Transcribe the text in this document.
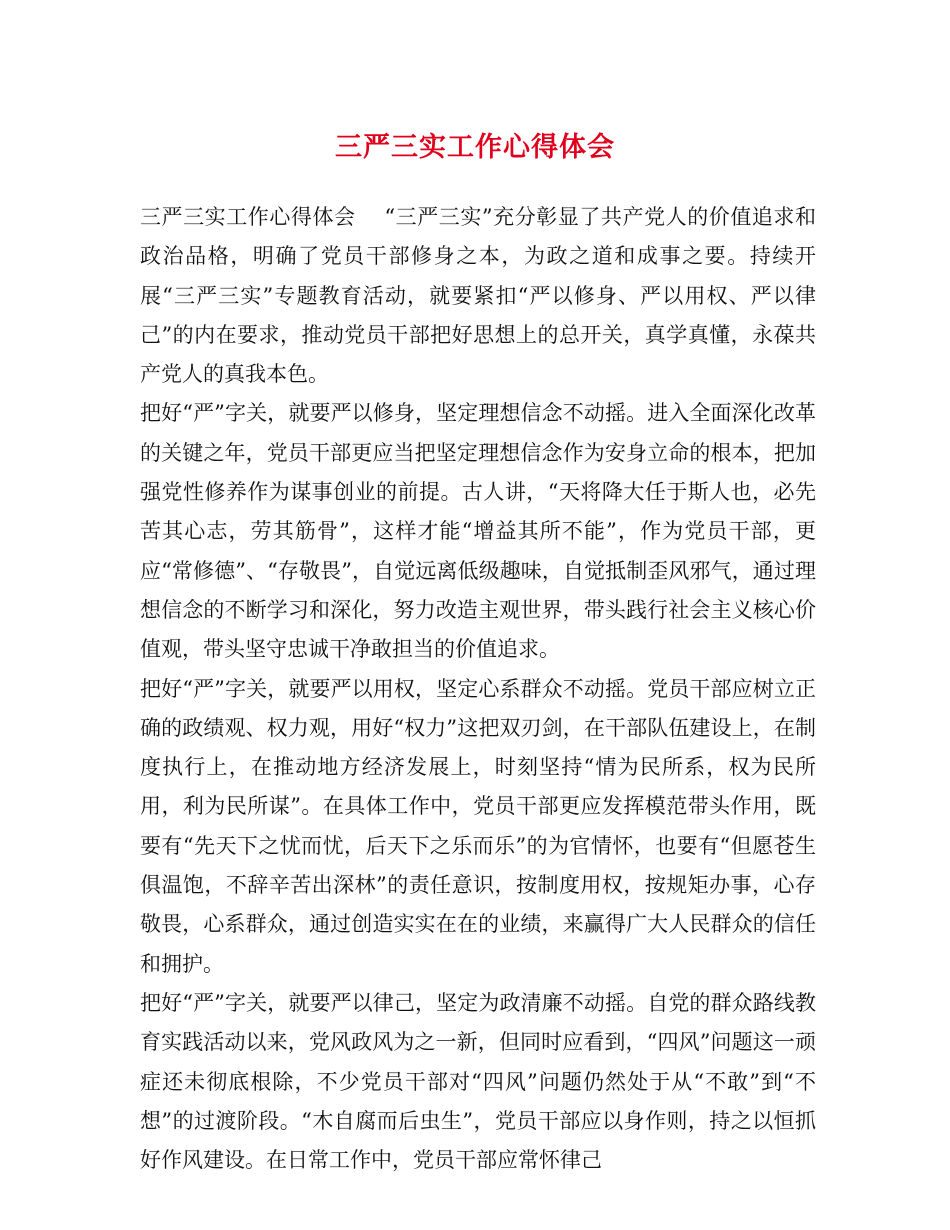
三严三实工作心得体会

三严三实工作心得体会　 “三严三实”充分彰显了共产党人的价值追求和政治品格，明确了党员干部修身之本，为政之道和成事之要。持续开展“三严三实”专题教育活动，就要紧扣“严以修身、严以用权、严以律己”的内在要求，推动党员干部把好思想上的总开关，真学真懂，永葆共产党人的真我本色。

把好“严”字关，就要严以修身，坚定理想信念不动摇。进入全面深化改革的关键之年，党员干部更应当把坚定理想信念作为安身立命的根本，把加强党性修养作为谋事创业的前提。古人讲，“天将降大任于斯人也，必先苦其心志，劳其筋骨”，这样才能“增益其所不能”，作为党员干部，更应“常修德”、“存敬畏”，自觉远离低级趣味，自觉抵制歪风邪气，通过理想信念的不断学习和深化，努力改造主观世界，带头践行社会主义核心价值观，带头坚守忠诚干净敢担当的价值追求。

把好“严”字关，就要严以用权，坚定心系群众不动摇。党员干部应树立正确的政绩观、权力观，用好“权力”这把双刃剑，在干部队伍建设上，在制度执行上，在推动地方经济发展上，时刻坚持“情为民所系，权为民所用，利为民所谋”。在具体工作中，党员干部更应发挥模范带头作用，既要有“先天下之忧而忧，后天下之乐而乐”的为官情怀，也要有“但愿苍生俱温饱，不辞辛苦出深林”的责任意识，按制度用权，按规矩办事，心存敬畏，心系群众，通过创造实实在在的业绩，来赢得广大人民群众的信任和拥护。

把好“严”字关，就要严以律己，坚定为政清廉不动摇。自党的群众路线教育实践活动以来，党风政风为之一新，但同时应看到，“四风”问题这一顽症还未彻底根除，不少党员干部对“四风”问题仍然处于从“不敢”到“不想”的过渡阶段。“木自腐而后虫生”，党员干部应以身作则，持之以恒抓好作风建设。在日常工作中，党员干部应常怀律己
